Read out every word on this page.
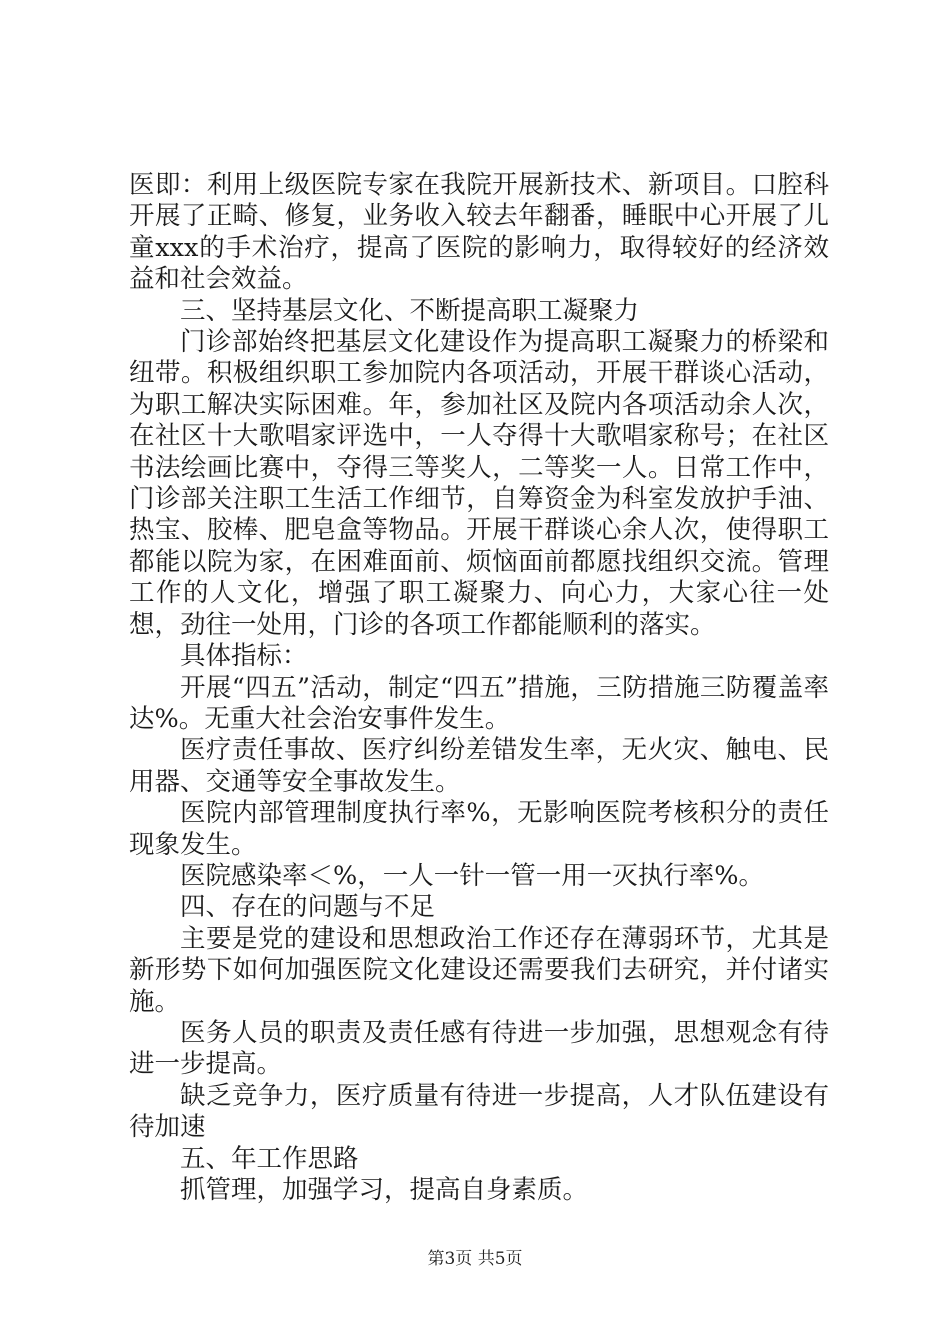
医即：利用上级医院专家在我院开展新技术、新项目。口腔科开展了正畸、修复，业务收入较去年翻番，睡眠中心开展了儿童xxx的手术治疗，提高了医院的影响力，取得较好的经济效益和社会效益。

三、坚持基层文化、不断提高职工凝聚力

门诊部始终把基层文化建设作为提高职工凝聚力的桥梁和纽带。积极组织职工参加院内各项活动，开展干群谈心活动，为职工解决实际困难。年，参加社区及院内各项活动余人次，在社区十大歌唱家评选中，一人夺得十大歌唱家称号；在社区书法绘画比赛中，夺得三等奖人，二等奖一人。日常工作中，门诊部关注职工生活工作细节，自筹资金为科室发放护手油、热宝、胶棒、肥皂盒等物品。开展干群谈心余人次，使得职工都能以院为家，在困难面前、烦恼面前都愿找组织交流。管理工作的人文化，增强了职工凝聚力、向心力，大家心往一处想，劲往一处用，门诊的各项工作都能顺利的落实。

具体指标：

开展“四五”活动，制定“四五”措施，三防措施三防覆盖率达%。无重大社会治安事件发生。

医疗责任事故、医疗纠纷差错发生率，无火灾、触电、民用器、交通等安全事故发生。

医院内部管理制度执行率%，无影响医院考核积分的责任现象发生。

医院感染率＜%，一人一针一管一用一灭执行率%。

四、存在的问题与不足

主要是党的建设和思想政治工作还存在薄弱环节，尤其是新形势下如何加强医院文化建设还需要我们去研究，并付诸实施。

医务人员的职责及责任感有待进一步加强，思想观念有待进一步提高。

缺乏竞争力，医疗质量有待进一步提高，人才队伍建设有待加速

五、年工作思路

抓管理，加强学习，提高自身素质。

第3页 共5页
